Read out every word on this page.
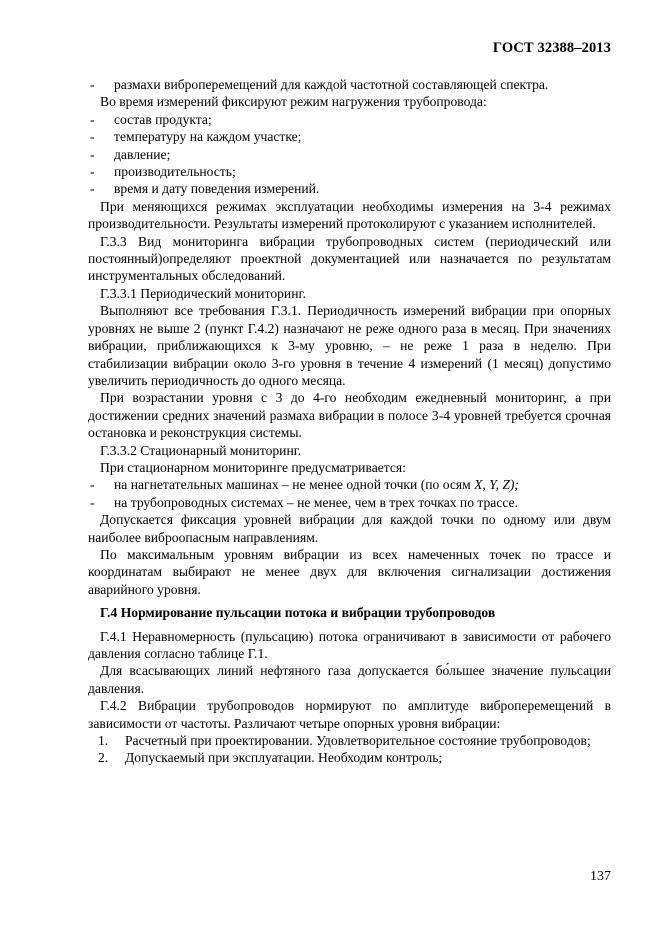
ГОСТ 32388–2013

- размахи виброперемещений для каждой частотной составляющей спектра.

Во время измерений фиксируют режим нагружения трубопровода:

- состав продукта;

- температуру на каждом участке;

- давление;

- производительность;

- время и дату поведения измерений.

При меняющихся режимах эксплуатации необходимы измерения на 3-4 режимах производительности. Результаты измерений протоколируют с указанием исполнителей.

Г.3.3 Вид мониторинга вибрации трубопроводных систем (периодический или постоянный)определяют проектной документацией или назначается по результатам инструментальных обследований.

Г.3.3.1 Периодический мониторинг.

Выполняют все требования Г.3.1. Периодичность измерений вибрации при опорных уровнях не выше 2 (пункт Г.4.2) назначают не реже одного раза в месяц. При значениях вибрации, приближающихся к 3-му уровню, – не реже 1 раза в неделю. При стабилизации вибрации около 3-го уровня в течение 4 измерений (1 месяц) допустимо увеличить периодичность до одного месяца.

При возрастании уровня с 3 до 4-го необходим ежедневный мониторинг, а при достижении средних значений размаха вибрации в полосе 3-4 уровней требуется срочная остановка и реконструкция системы.

Г.3.3.2 Стационарный мониторинг.

При стационарном мониторинге предусматривается:

- на нагнетательных машинах – не менее одной точки (по осям X, Y, Z);

- на трубопроводных системах – не менее, чем в трех точках по трассе.

Допускается фиксация уровней вибрации для каждой точки по одному или двум наиболее виброопасным направлениям.

По максимальным уровням вибрации из всех намеченных точек по трассе и координатам выбирают не менее двух для включения сигнализации достижения аварийного уровня.

Г.4 Нормирование пульсации потока и вибрации трубопроводов

Г.4.1 Неравномерность (пульсацию) потока ограничивают в зависимости от рабочего давления согласно таблице Г.1.

Для всасывающих линий нефтяного газа допускается бо́льшее значение пульсации давления.

Г.4.2 Вибрации трубопроводов нормируют по амплитуде виброперемещений в зависимости от частоты. Различают четыре опорных уровня вибрации:

1. Расчетный при проектировании. Удовлетворительное состояние трубопроводов;

2. Допускаемый при эксплуатации. Необходим контроль;

137
